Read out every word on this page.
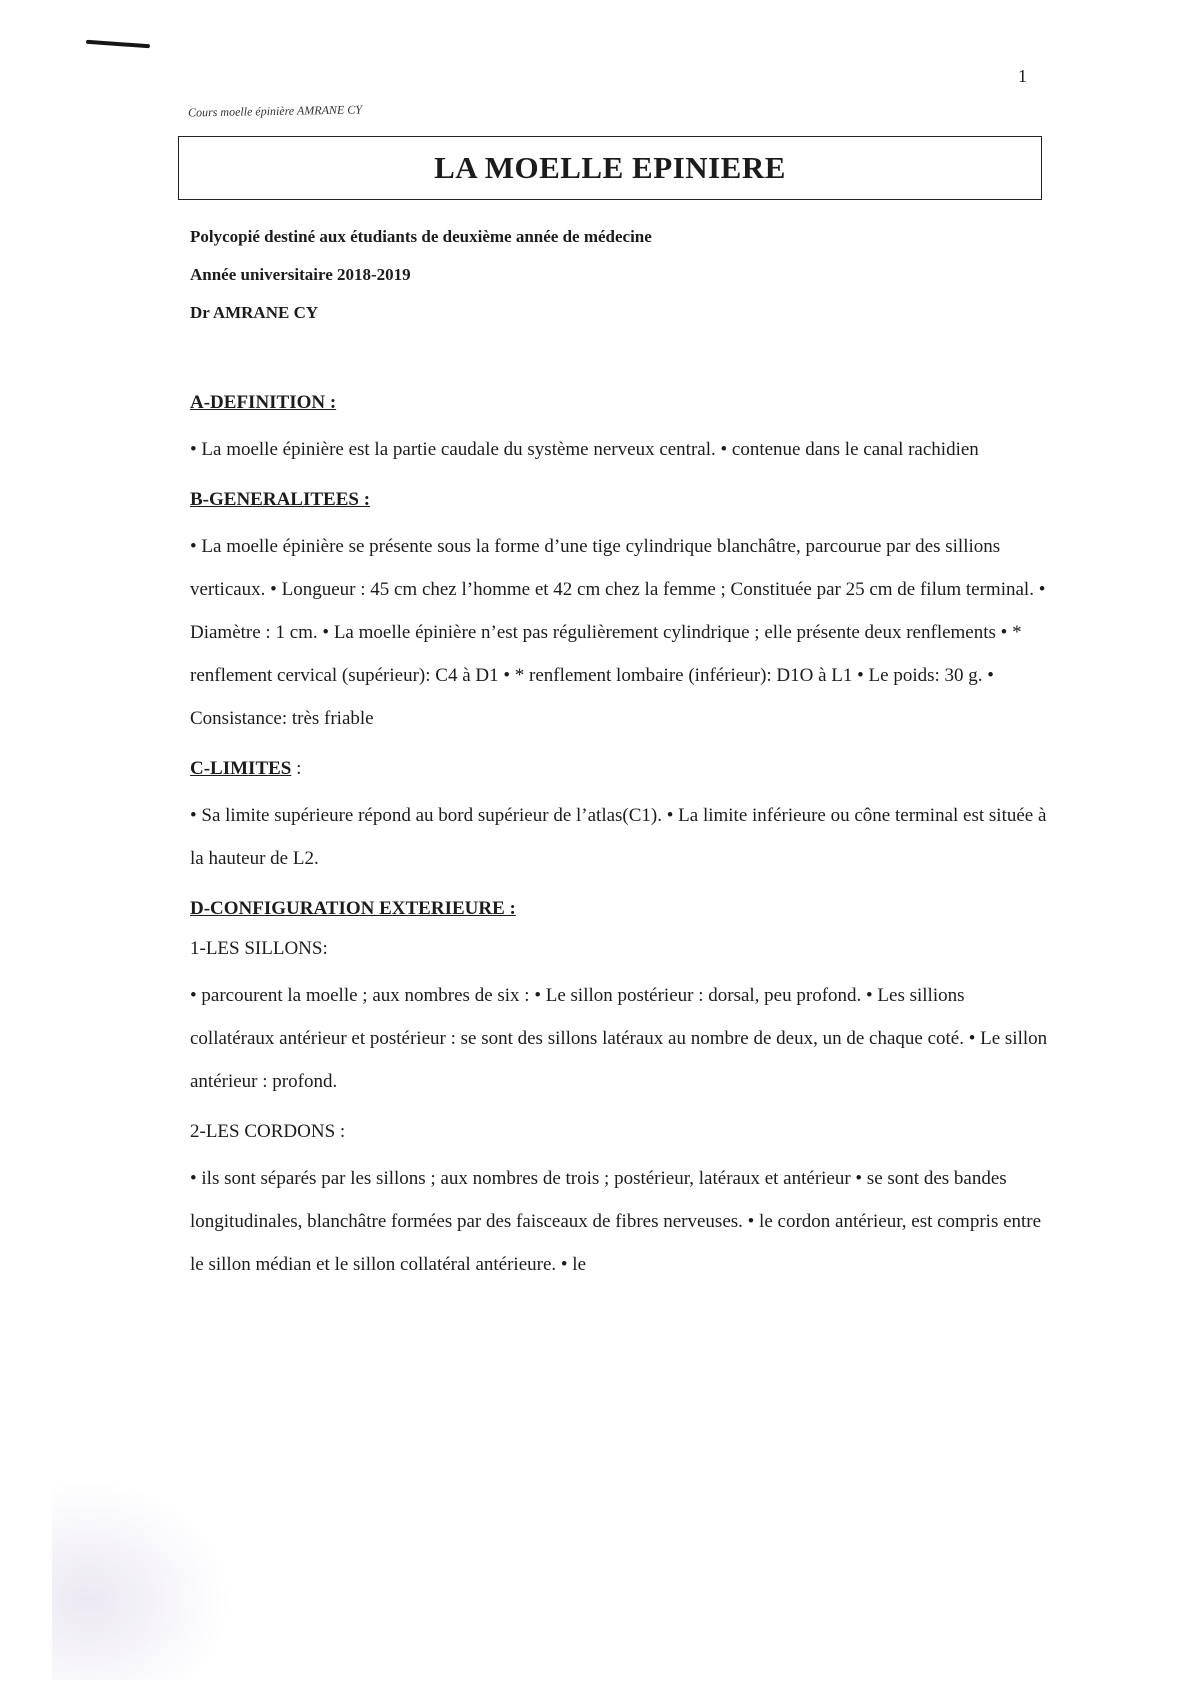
1
Cours moelle épinière AMRANE CY
LA MOELLE EPINIERE
Polycopié destiné aux étudiants de deuxième année de médecine
Année universitaire 2018-2019
Dr AMRANE CY
A-DEFINITION :

• La moelle épinière est la partie caudale du système nerveux central. • contenue dans le canal rachidien

B-GENERALITEES :

• La moelle épinière se présente sous la forme d’une tige cylindrique blanchâtre, parcourue par des sillions verticaux. • Longueur : 45 cm chez l’homme et 42 cm chez la femme ; Constituée par 25 cm de filum terminal. • Diamètre : 1 cm. • La moelle épinière n’est pas régulièrement cylindrique ; elle présente deux renflements • * renflement cervical (supérieur): C4 à D1 • * renflement lombaire (inférieur): D1O à L1 • Le poids: 30 g. • Consistance: très friable

C-LIMITES :

• Sa limite supérieure répond au bord supérieur de l’atlas(C1). • La limite inférieure ou cône terminal est située à la hauteur de L2.

D-CONFIGURATION EXTERIEURE :
1-LES SILLONS:

• parcourent la moelle ; aux nombres de six : • Le sillon postérieur : dorsal, peu profond. • Les sillions collatéraux antérieur et postérieur : se sont des sillons latéraux au nombre de deux, un de chaque coté. • Le sillon antérieur : profond.

2-LES CORDONS :

• ils sont séparés par les sillons ; aux nombres de trois ; postérieur, latéraux et antérieur • se sont des bandes longitudinales, blanchâtre formées par des faisceaux de fibres nerveuses. • le cordon antérieur, est compris entre le sillon médian et le sillon collatéral antérieure. • le
